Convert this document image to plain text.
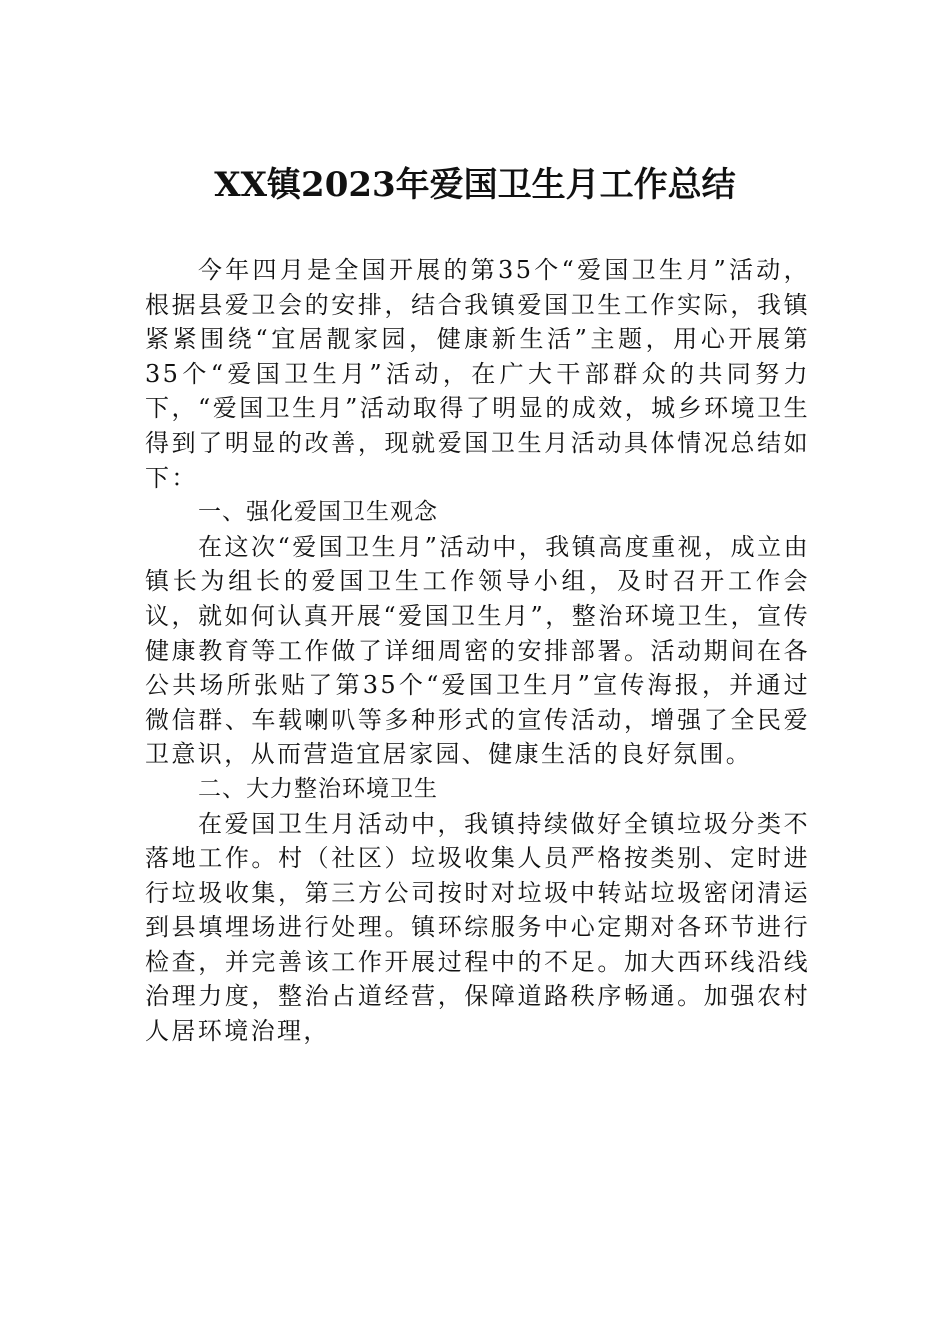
XX镇2023年爱国卫生月工作总结

今年四月是全国开展的第35个“爱国卫生月”活动，根据县爱卫会的安排，结合我镇爱国卫生工作实际，我镇紧紧围绕“宜居靓家园，健康新生活”主题，用心开展第35个“爱国卫生月”活动，在广大干部群众的共同努力下，“爱国卫生月”活动取得了明显的成效，城乡环境卫生得到了明显的改善，现就爱国卫生月活动具体情况总结如下：

一、强化爱国卫生观念

在这次“爱国卫生月”活动中，我镇高度重视，成立由镇长为组长的爱国卫生工作领导小组，及时召开工作会议，就如何认真开展“爱国卫生月”，整治环境卫生，宣传健康教育等工作做了详细周密的安排部署。活动期间在各公共场所张贴了第35个“爱国卫生月”宣传海报，并通过微信群、车载喇叭等多种形式的宣传活动，增强了全民爱卫意识，从而营造宜居家园、健康生活的良好氛围。

二、大力整治环境卫生

在爱国卫生月活动中，我镇持续做好全镇垃圾分类不落地工作。村（社区）垃圾收集人员严格按类别、定时进行垃圾收集，第三方公司按时对垃圾中转站垃圾密闭清运到县填埋场进行处理。镇环综服务中心定期对各环节进行检查，并完善该工作开展过程中的不足。加大西环线沿线治理力度，整治占道经营，保障道路秩序畅通。加强农村人居环境治理，
